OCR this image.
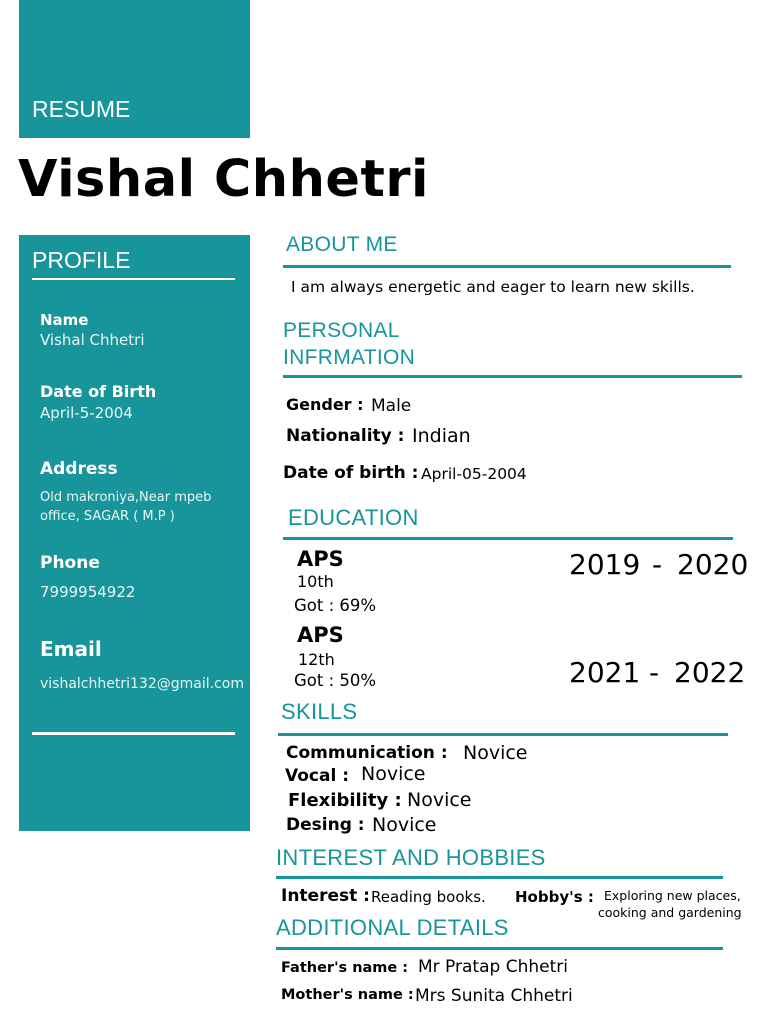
RESUME
Vishal Chhetri
PROFILE
Name
Vishal Chhetri
Date of Birth
April-5-2004
Address
Old makroniya,Near mpeb office, SAGAR ( M.P )
Phone
7999954922
Email
vishalchhetri132@gmail.com
ABOUT ME
I am always energetic and eager to learn new skills.
PERSONAL
INFRMATION
Gender : Male
Nationality : Indian
Date of birth : April-05-2004
EDUCATION
APS
10th
Got : 69%
2019 - 2020
APS
12th
Got : 50%	2021 - 2022
SKILLS
Communication : Novice
Vocal : Novice
Flexibility : Novice
Desing : Novice
INTEREST AND HOBBIES
Interest : Reading books. Hobby's : Exploring new places,
cooking and gardening
ADDITIONAL DETAILS
Father's name : Mr Pratap Chhetri
Mother's name : Mrs Sunita Chhetri
